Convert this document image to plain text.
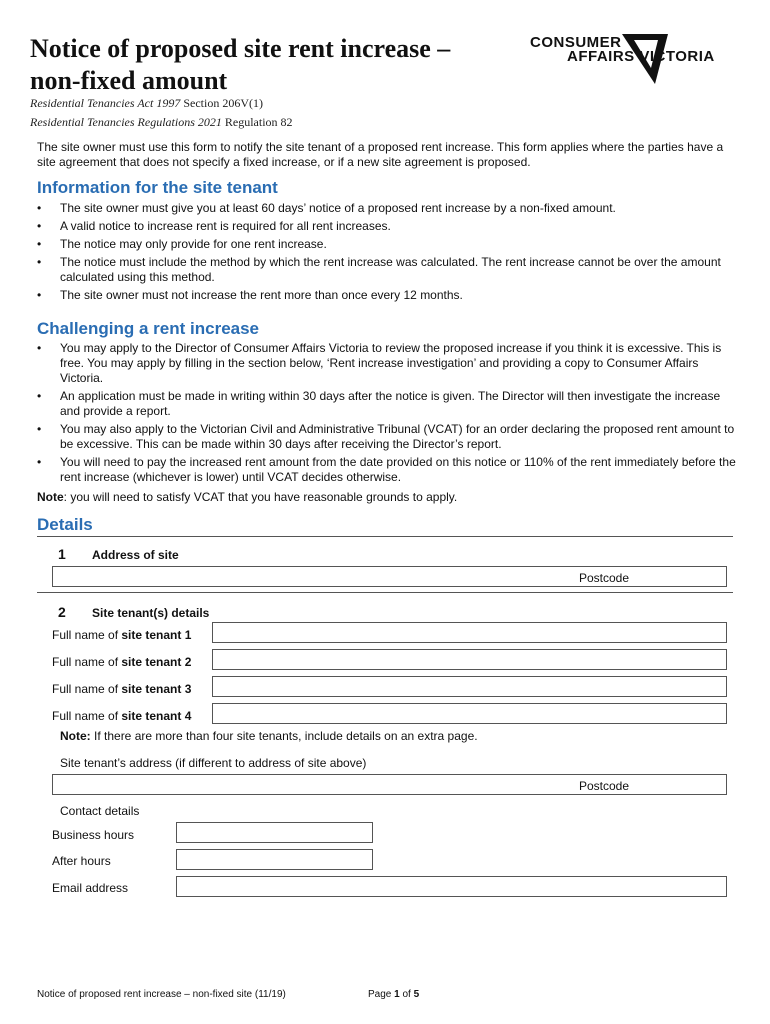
Notice of proposed site rent increase –
non-fixed amount
CONSUMER
AFFAIRS VICTORIA
Residential Tenancies Act 1997 Section 206V(1)
Residential Tenancies Regulations 2021 Regulation 82
The site owner must use this form to notify the site tenant of a proposed rent increase. This form applies where the parties have a site agreement that does not specify a fixed increase, or if a new site agreement is proposed.
Information for the site tenant
• The site owner must give you at least 60 days’ notice of a proposed rent increase by a non-fixed amount.
• A valid notice to increase rent is required for all rent increases.
• The notice may only provide for one rent increase.
• The notice must include the method by which the rent increase was calculated. The rent increase cannot be over the amount calculated using this method.
• The site owner must not increase the rent more than once every 12 months.
Challenging a rent increase
• You may apply to the Director of Consumer Affairs Victoria to review the proposed increase if you think it is excessive. This is free. You may apply by filling in the section below, ‘Rent increase investigation’ and providing a copy to Consumer Affairs Victoria.
• An application must be made in writing within 30 days after the notice is given. The Director will then investigate the increase and provide a report.
• You may also apply to the Victorian Civil and Administrative Tribunal (VCAT) for an order declaring the proposed rent amount to be excessive. This can be made within 30 days after receiving the Director’s report.
• You will need to pay the increased rent amount from the date provided on this notice or 110% of the rent immediately before the rent increase (whichever is lower) until VCAT decides otherwise.
Note: you will need to satisfy VCAT that you have reasonable grounds to apply.
Details
1 Address of site
Postcode
2 Site tenant(s) details
Full name of site tenant 1
Full name of site tenant 2
Full name of site tenant 3
Full name of site tenant 4
Note: If there are more than four site tenants, include details on an extra page.
Site tenant’s address (if different to address of site above)
Postcode
Contact details
Business hours
After hours
Email address
Notice of proposed rent increase – non-fixed site (11/19)	Page 1 of 5
